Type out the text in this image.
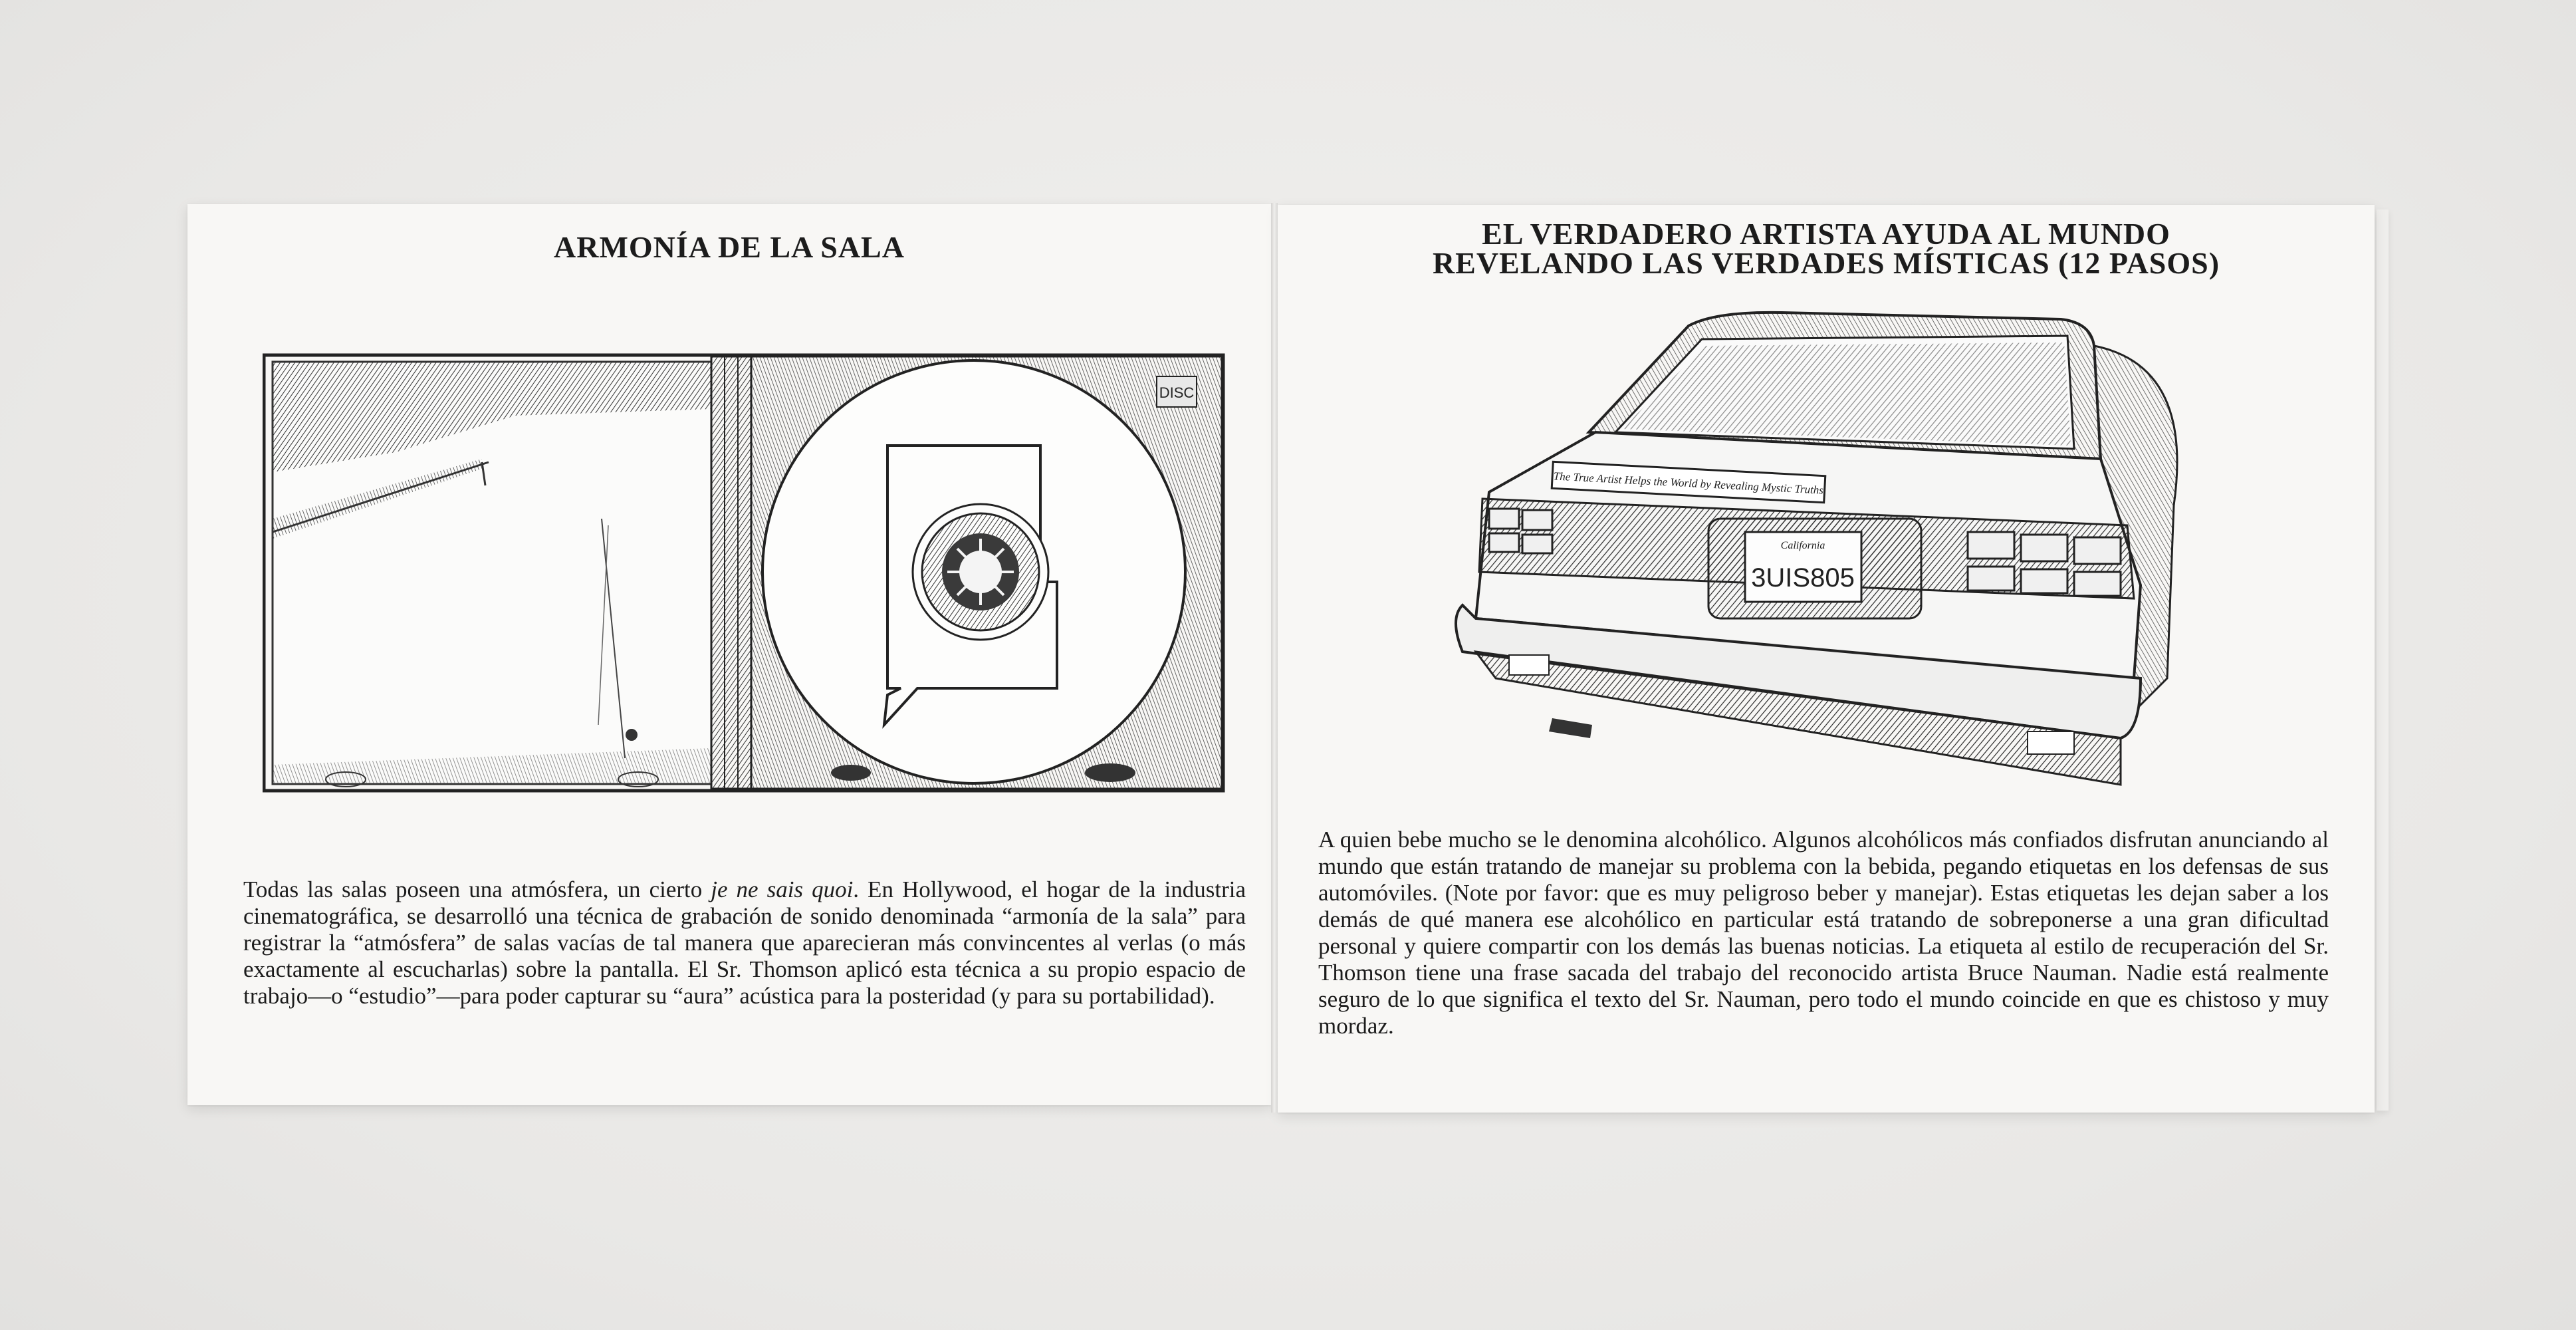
ARMONÍA DE LA SALA
DISC

Todas las salas poseen una atmósfera, un cierto je ne sais quoi. En Hollywood, el hogar de la industria cinematográfica, se desarrolló una técnica de grabación de sonido denominada “armonía de la sala” para registrar la “atmósfera” de salas vacías de tal manera que aparecieran más convincentes al verlas (o más exactamente al escucharlas) sobre la pantalla. El Sr. Thomson aplicó esta técnica a su propio espacio de trabajo—o “estudio”—para poder capturar su “aura” acústica para la posteridad (y para su portabilidad).

EL VERDADERO ARTISTA AYUDA AL MUNDO
REVELANDO LAS VERDADES MÍSTICAS (12 PASOS)
The True Artist Helps the World by Revealing Mystic Truths
California
3UIS805
A quien bebe mucho se le denomina alcohólico. Algunos alcohólicos más confiados disfrutan anunciando al mundo que están tratando de manejar su problema con la bebida, pegando etiquetas en los defensas de sus automóviles. (Note por favor: que es muy peligroso beber y manejar). Estas etiquetas les dejan saber a los demás de qué manera ese alcohólico en particular está tratando de sobreponerse a una gran dificultad personal y quiere compartir con los demás las buenas noticias. La etiqueta al estilo de recuperación del Sr. Thomson tiene una frase sacada del trabajo del reconocido artista Bruce Nauman. Nadie está realmente seguro de lo que significa el texto del Sr. Nauman, pero todo el mundo coincide en que es chistoso y muy mordaz.
